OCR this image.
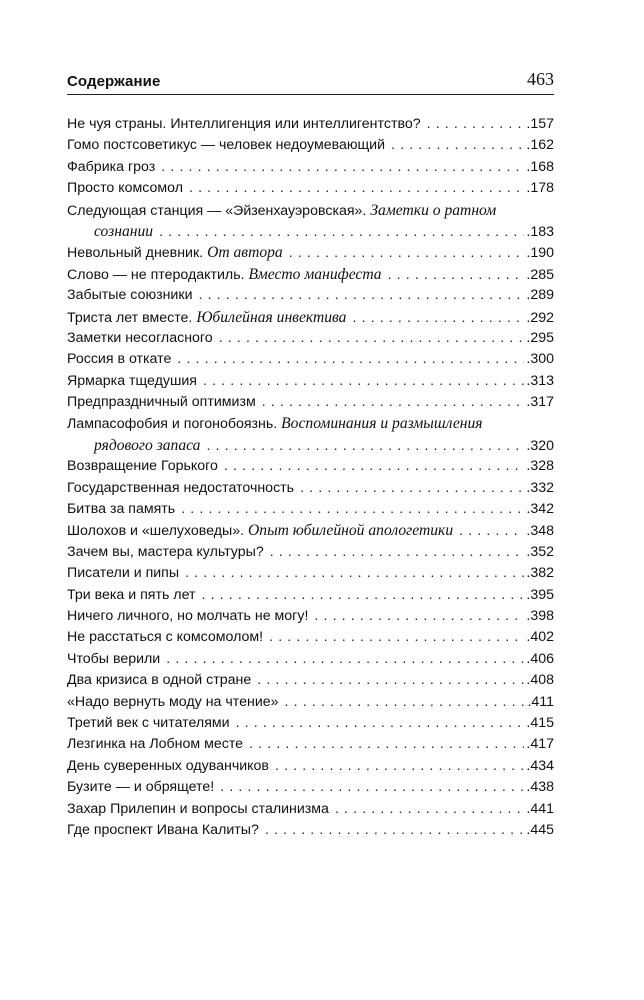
Содержание	463
Не чуя страны. Интеллигенция или интеллигентство? . . .	.157
Гомо постсоветикус — человек недоумевающий . . .	.162
Фабрика гроз . . .	.168
Просто комсомол . . .	.178
Следующая станция — «Эйзенхауэровская». Заметки о ратном
сознании . . .	.183
Невольный дневник. От автора . . .	.190
Слово — не птеродактиль. Вместо манифеста . . .	.285
Забытые союзники . . .	.289
Триста лет вместе. Юбилейная инвектива . . .	.292
Заметки несогласного . . .	.295
Россия в откате . . .	.300
Ярмарка тщедушия . . .	.313
Предпраздничный оптимизм . . .	.317
Лампасофобия и погонобоязнь. Воспоминания и размышления
рядового запаса . . .	.320
Возвращение Горького . . .	.328
Государственная недостаточность . . .	.332
Битва за память . . .	.342
Шолохов и «шелуховеды». Опыт юбилейной апологетики . . .	.348
Зачем вы, мастера культуры? . . .	.352
Писатели и пипы . . .	.382
Три века и пять лет . . .	.395
Ничего личного, но молчать не могу! . . .	.398
Не расстаться с комсомолом! . . .	.402
Чтобы верили . . .	.406
Два кризиса в одной стране . . .	.408
«Надо вернуть моду на чтение» . . .	.411
Третий век с читателями . . .	.415
Лезгинка на Лобном месте . . .	.417
День суверенных одуванчиков . . .	.434
Бузите — и обрящете! . . .	.438
Захар Прилепин и вопросы сталинизма . . .	.441
Где проспект Ивана Калиты? . . .	.445
